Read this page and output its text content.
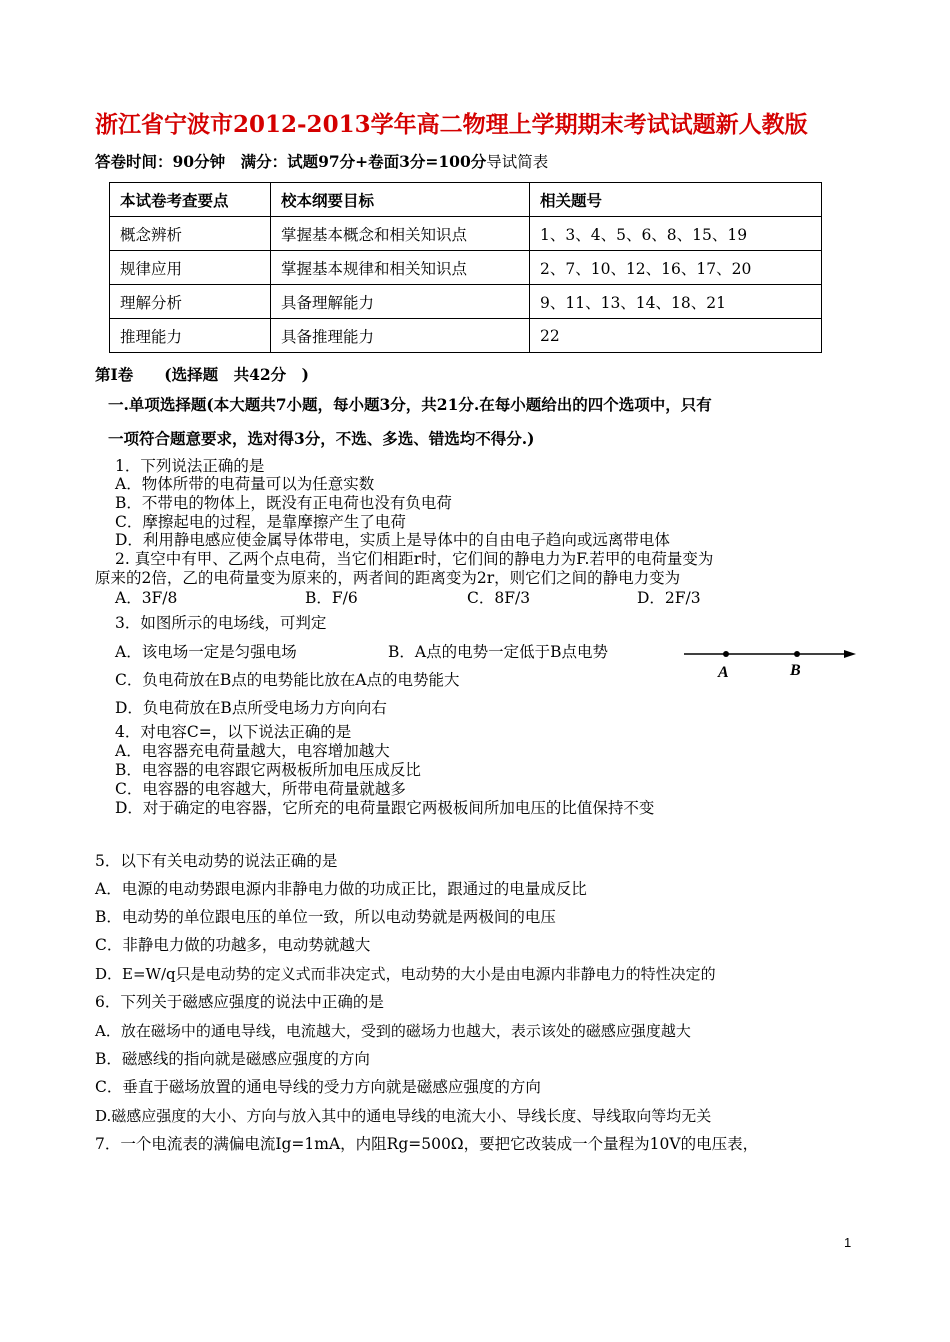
浙江省宁波市2012-2013学年高二物理上学期期末考试试题新人教版
答卷时间：90分钟　满分：试题97分+卷面3分=100分导试简表
本试卷考查要点	校本纲要目标	相关题号
概念辨析	掌握基本概念和相关知识点	1、3、4、5、6、8、15、19
规律应用	掌握基本规律和相关知识点	2、7、10、12、16、17、20
理解分析	具备理解能力	9、11、13、14、18、21
推理能力	具备推理能力	22
第Ⅰ卷　　(选择题　共42分　)
一.单项选择题(本大题共7小题，每小题3分，共21分.在每小题给出的四个选项中，只有
一项符合题意要求，选对得3分，不选、多选、错选均不得分.)
1．下列说法正确的是
A．物体所带的电荷量可以为任意实数
B．不带电的物体上，既没有正电荷也没有负电荷
C．摩擦起电的过程，是靠摩擦产生了电荷
D．利用静电感应使金属导体带电，实质上是导体中的自由电子趋向或远离带电体
2. 真空中有甲、乙两个点电荷，当它们相距r时，它们间的静电力为F.若甲的电荷量变为
原来的2倍，乙的电荷量变为原来的，两者间的距离变为2r，则它们之间的静电力变为
A．3F/8	B．F/6	C．8F/3	D．2F/3
3．如图所示的电场线，可判定
A．该电场一定是匀强电场	B．A点的电势一定低于B点电势
C．负电荷放在B点的电势能比放在A点的电势能大
D．负电荷放在B点所受电场力方向向右
A	B
4．对电容C=，以下说法正确的是
A．电容器充电荷量越大，电容增加越大
B．电容器的电容跟它两极板所加电压成反比
C．电容器的电容越大，所带电荷量就越多
D．对于确定的电容器，它所充的电荷量跟它两极板间所加电压的比值保持不变
5．以下有关电动势的说法正确的是
A．电源的电动势跟电源内非静电力做的功成正比，跟通过的电量成反比
B．电动势的单位跟电压的单位一致，所以电动势就是两极间的电压
C．非静电力做的功越多，电动势就越大
D．E=W/q只是电动势的定义式而非决定式，电动势的大小是由电源内非静电力的特性决定的
6．下列关于磁感应强度的说法中正确的是
A．放在磁场中的通电导线，电流越大，受到的磁场力也越大，表示该处的磁感应强度越大
B．磁感线的指向就是磁感应强度的方向
C．垂直于磁场放置的通电导线的受力方向就是磁感应强度的方向
D.磁感应强度的大小、方向与放入其中的通电导线的电流大小、导线长度、导线取向等均无关
7．一个电流表的满偏电流Ig=1mA，内阻Rg=500Ω，要把它改装成一个量程为10V的电压表，
1
